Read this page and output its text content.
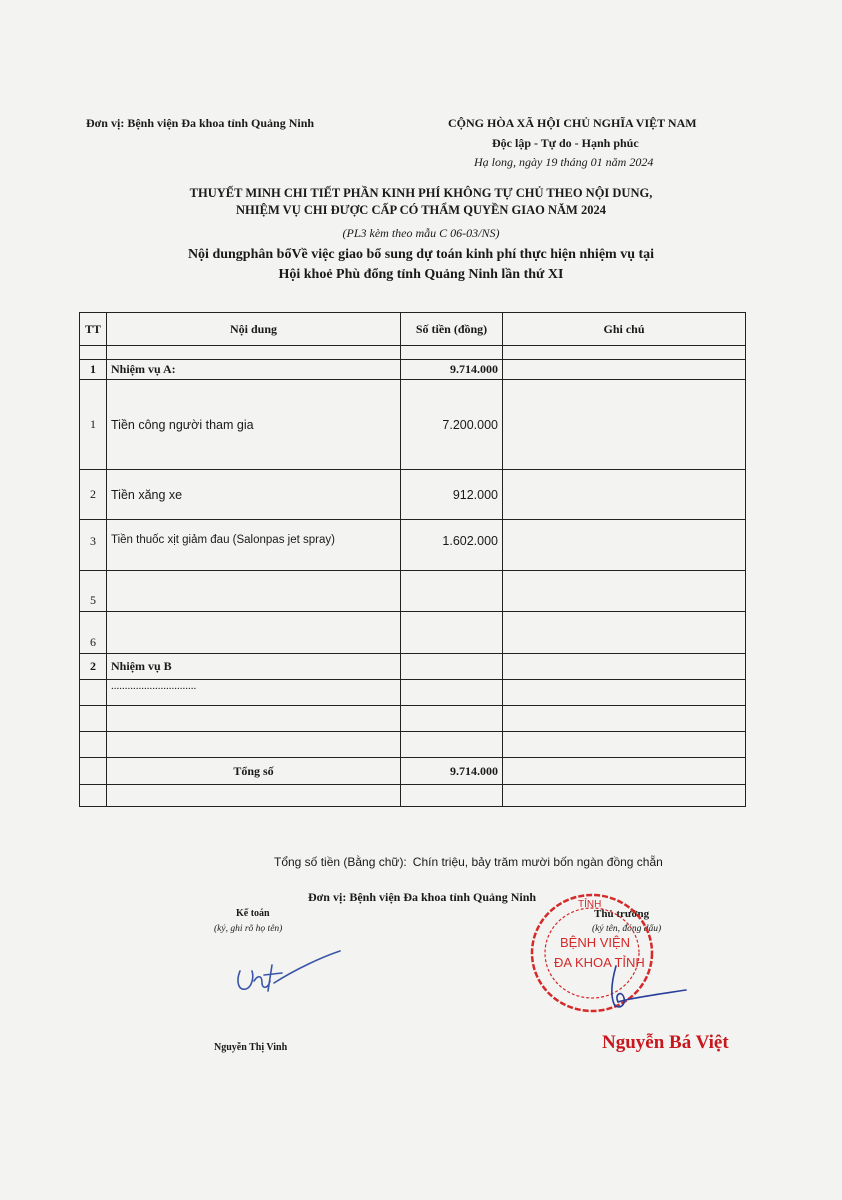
Đơn vị: Bệnh viện Đa khoa tỉnh Quảng Ninh	CỘNG HÒA XÃ HỘI CHỦ NGHĨA VIỆT NAM
Độc lập - Tự do - Hạnh phúc
Hạ long, ngày 19 tháng 01 năm 2024
THUYẾT MINH CHI TIẾT PHẦN KINH PHÍ KHÔNG TỰ CHỦ THEO NỘI DUNG,
NHIỆM VỤ CHI ĐƯỢC CẤP CÓ THẨM QUYỀN GIAO NĂM 2024
(PL3 kèm theo mẫu C 06-03/NS)
Nội dungphân bổVề việc giao bổ sung dự toán kinh phí thực hiện nhiệm vụ tại
Hội khoẻ Phù đổng tỉnh Quảng Ninh lần thứ XI
TT	Nội dung	Số tiền (đồng)	Ghi chú

1	Nhiệm vụ A:	9.714.000	
1	Tiền công người tham gia	7.200.000	
2	Tiền xăng xe	912.000	
3	Tiền thuốc xịt giảm đau (Salonpas jet spray)	1.602.000	
5			
6			
2	Nhiệm vụ B		
	...............................		

	Tổng số	9.714.000	

Tổng số tiền (Bằng chữ): Chín triệu, bảy trăm mười bốn ngàn đồng chẵn
Đơn vị: Bệnh viện Đa khoa tỉnh Quảng Ninh
Kế toán
(ký, ghi rõ họ tên)
Thủ trưởng
(ký tên, đóng dấu)
TỈNH
BỆNH VIỆN
ĐA KHOA TỈNH
Nguyễn Thị Vinh	Nguyễn Bá Việt
